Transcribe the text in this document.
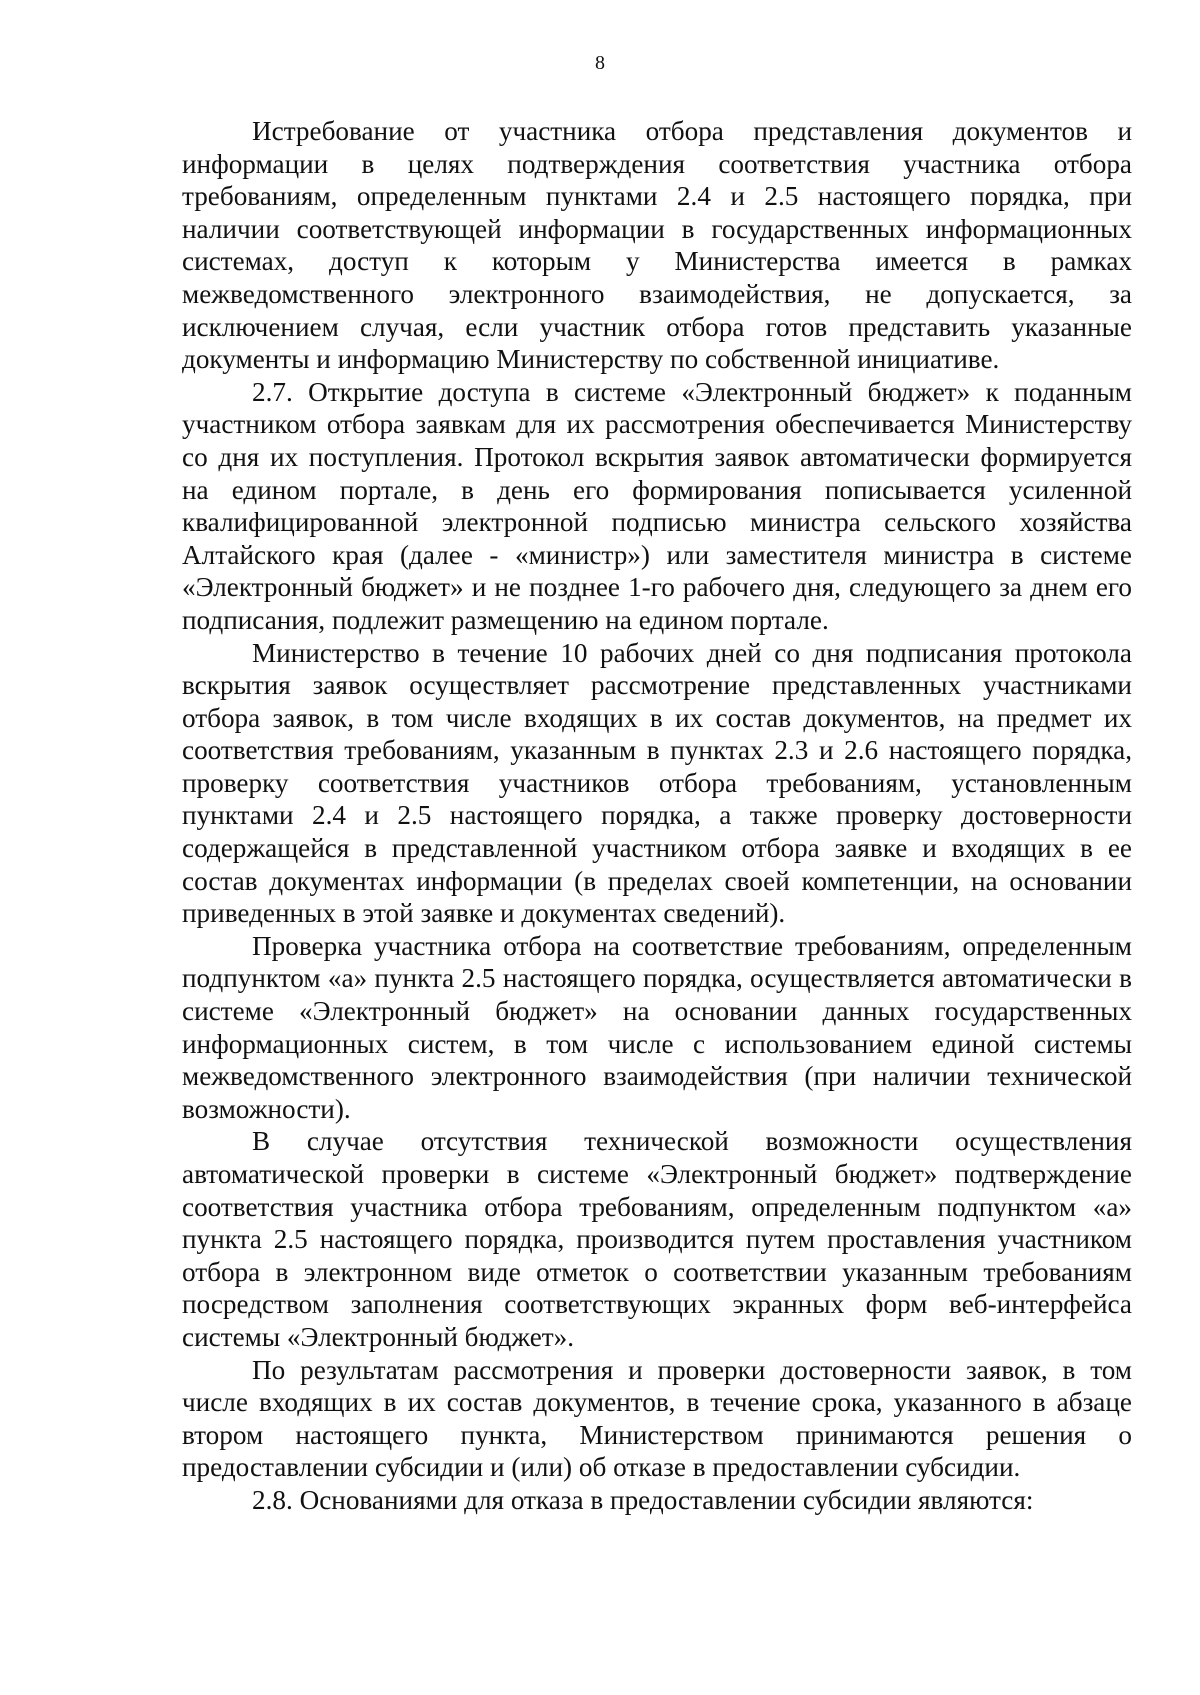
8

Истребование от участника отбора представления документов и информации в целях подтверждения соответствия участника отбора требованиям, определенным пунктами 2.4 и 2.5 настоящего порядка, при наличии соответствующей информации в государственных информационных системах, доступ к которым у Министерства имеется в рамках межведомственного электронного взаимодействия, не допускается, за исключением случая, если участник отбора готов представить указанные документы и информацию Министерству по собственной инициативе.

2.7. Открытие доступа в системе «Электронный бюджет» к поданным участником отбора заявкам для их рассмотрения обеспечивается Министерству со дня их поступления. Протокол вскрытия заявок автоматически формируется на едином портале, в день его формирования пописывается усиленной квалифицированной электронной подписью министра сельского хозяйства Алтайского края (далее - «министр») или заместителя министра в системе «Электронный бюджет» и не позднее 1-го рабочего дня, следующего за днем его подписания, подлежит размещению на едином портале.

Министерство в течение 10 рабочих дней со дня подписания протокола вскрытия заявок осуществляет рассмотрение представленных участниками отбора заявок, в том числе входящих в их состав документов, на предмет их соответствия требованиям, указанным в пунктах 2.3 и 2.6 настоящего порядка, проверку соответствия участников отбора требованиям, установленным пунктами 2.4 и 2.5 настоящего порядка, а также проверку достоверности содержащейся в представленной участником отбора заявке и входящих в ее состав документах информации (в пределах своей компетенции, на основании приведенных в этой заявке и документах сведений).

Проверка участника отбора на соответствие требованиям, определенным подпунктом «а» пункта 2.5 настоящего порядка, осуществляется автоматически в системе «Электронный бюджет» на основании данных государственных информационных систем, в том числе с использованием единой системы межведомственного электронного взаимодействия (при наличии технической возможности).

В случае отсутствия технической возможности осуществления автоматической проверки в системе «Электронный бюджет» подтверждение соответствия участника отбора требованиям, определенным подпунктом «а» пункта 2.5 настоящего порядка, производится путем проставления участником отбора в электронном виде отметок о соответствии указанным требованиям посредством заполнения соответствующих экранных форм веб-интерфейса системы «Электронный бюджет».

По результатам рассмотрения и проверки достоверности заявок, в том числе входящих в их состав документов, в течение срока, указанного в абзаце втором настоящего пункта, Министерством принимаются решения о предоставлении субсидии и (или) об отказе в предоставлении субсидии.

2.8. Основаниями для отказа в предоставлении субсидии являются:
